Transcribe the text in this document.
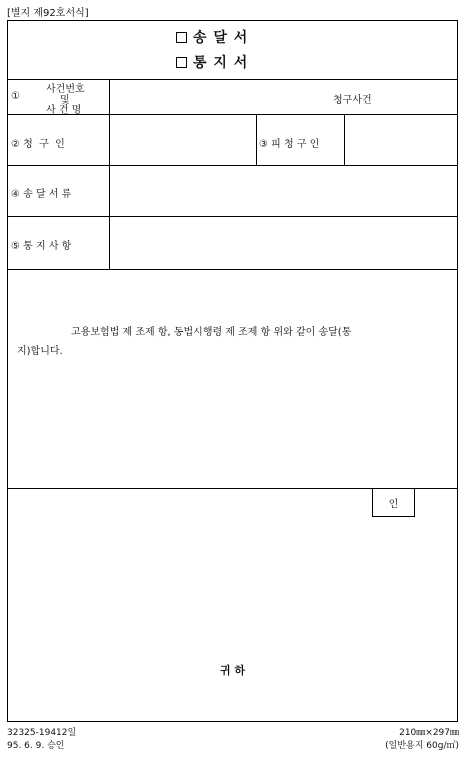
[별지 제92호서식]
송 달 서
통 지 서
①
사건번호
및
사 건 명
청구사건
② 청  구  인	③ 피 청 구 인
④ 송 달 서 류
⑤ 통 지 사 항
고용보험법 제 조제 항, 동법시행령 제 조제 항 위와 같이 송달(통
지)합니다.
인
귀 하
32325-19412일
95. 6. 9. 승인
210㎜×297㎜
(일반용지 60g/㎡)
